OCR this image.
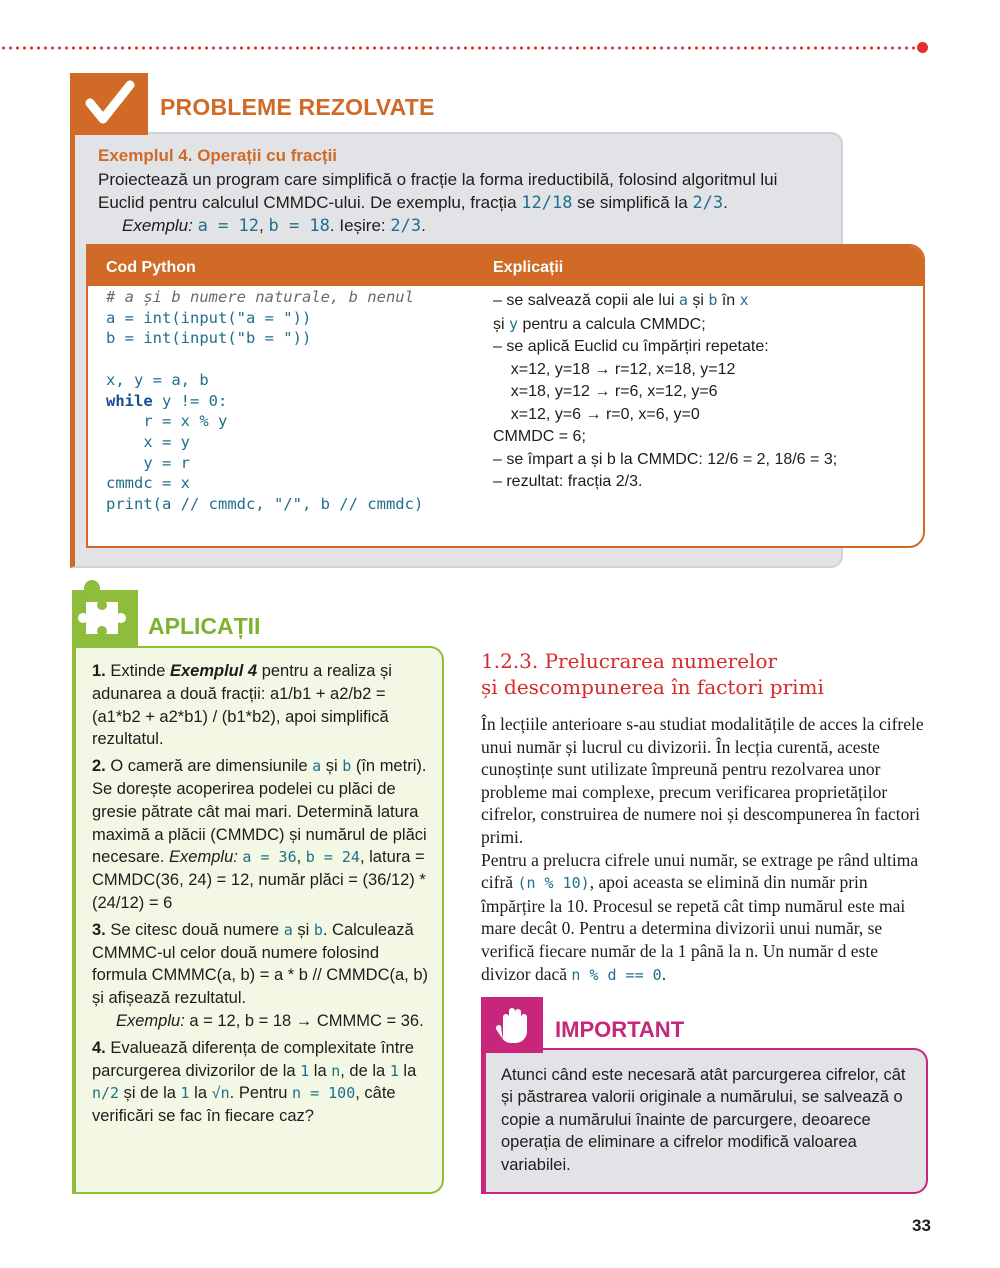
PROBLEME REZOLVATE
Exemplul 4. Operații cu fracții
Proiectează un program care simplifică o fracție la forma ireductibilă, folosind algoritmul lui Euclid pentru calculul CMMDC-ului. De exemplu, fracția 12/18 se simplifică la 2/3.
Exemplu: a = 12, b = 18. Ieșire: 2/3.
Cod Python	Explicații
# a și b numere naturale, b nenul
a = int(input("a = "))
b = int(input("b = "))
x, y = a, b
while y != 0:
r = x % y
x = y
y = r
cmmdc = x
print(a // cmmdc, "/", b // cmmdc)
– se salvează copii ale lui a și b în x
și y pentru a calcula CMMDC;
– se aplică Euclid cu împărțiri repetate:
x=12, y=18 → r=12, x=18, y=12
x=18, y=12 → r=6, x=12, y=6
x=12, y=6 → r=0, x=6, y=0
CMMDC = 6;
– se împart a și b la CMMDC: 12/6 = 2, 18/6 = 3;
– rezultat: fracția 2/3.
APLICAȚII

1. Extinde Exemplul 4 pentru a realiza și adunarea a două fracții: a1/b1 + a2/b2 = (a1*b2 + a2*b1) / (b1*b2), apoi simplifică rezultatul.

2. O cameră are dimensiunile a și b (în metri). Se dorește acoperirea podelei cu plăci de gresie pătrate cât mai mari. Determină latura maximă a plăcii (CMMDC) și numărul de plăci necesare. Exemplu: a = 36, b = 24, latura = CMMDC(36, 24) = 12, număr plăci = (36/12) * (24/12) = 6

3. Se citesc două numere a și b. Calculează CMMMC-ul celor două numere folosind formula CMMMC(a, b) = a * b // CMMDC(a, b) și afișează rezultatul.
Exemplu: a = 12, b = 18 → CMMMC = 36.

4. Evaluează diferența de complexitate între parcurgerea divizorilor de la 1 la n, de la 1 la n/2 și de la 1 la √n. Pentru n = 100, câte verificări se fac în fiecare caz?

1.2.3. Prelucrarea numerelor
și descompunerea în factori primi
În lecțiile anterioare s-au studiat modalitățile de acces la cifrele unui număr și lucrul cu divizorii. În lecția curentă, aceste cunoștințe sunt utilizate împreună pentru rezolvarea unor probleme mai complexe, precum verificarea proprietăților cifrelor, construirea de numere noi și descompunerea în factori primi.
Pentru a prelucra cifrele unui număr, se extrage pe rând ultima cifră (n % 10), apoi aceasta se elimină din număr prin împărțire la 10. Procesul se repetă cât timp numărul este mai mare decât 0. Pentru a determina divizorii unui număr, se verifică fiecare număr de la 1 până la n. Un număr d este divizor dacă n % d == 0.
IMPORTANT
Atunci când este necesară atât parcurgerea cifrelor, cât și păstrarea valorii originale a numărului, se salvează o copie a numărului înainte de parcurgere, deoarece operația de eliminare a cifrelor modifică valoarea variabilei.
33
